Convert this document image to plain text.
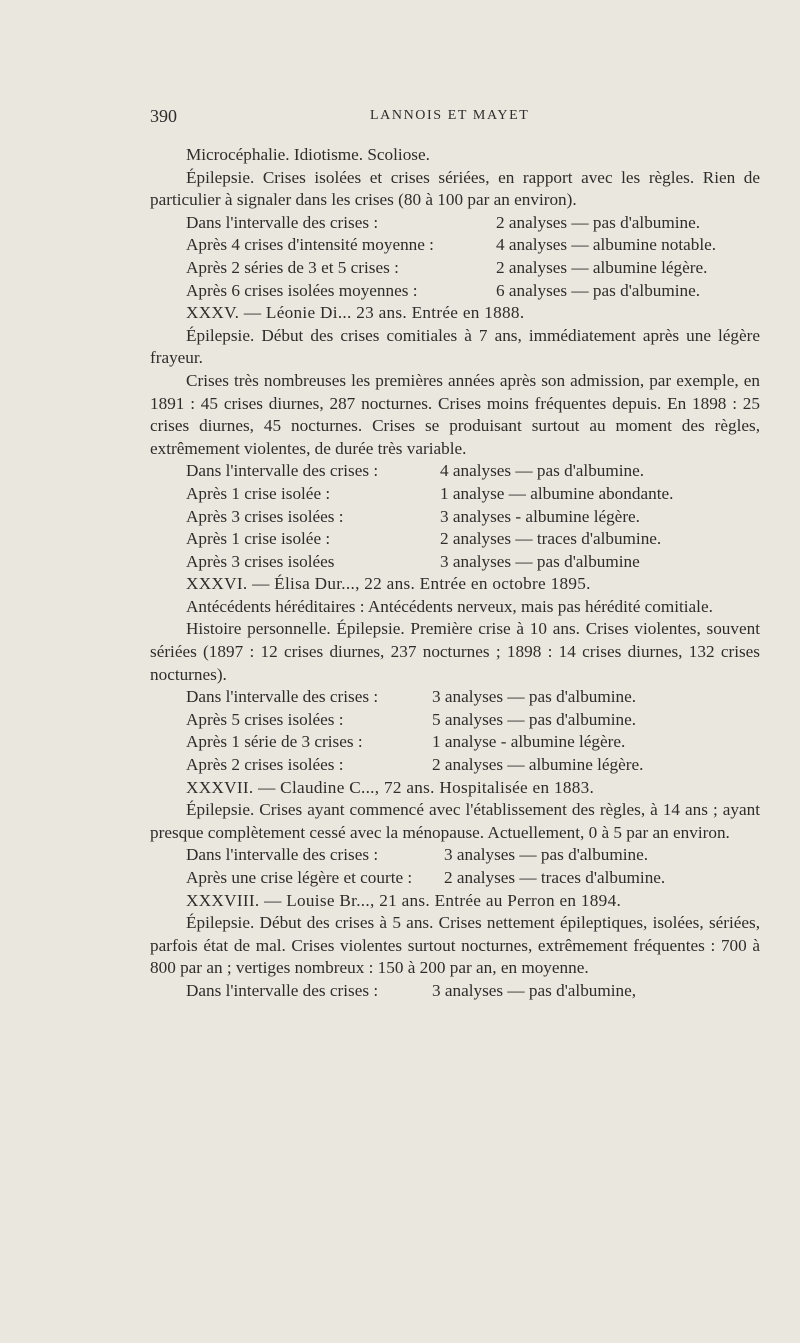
390	LANNOIS ET MAYET

Microcéphalie. Idiotisme. Scoliose.

Épilepsie. Crises isolées et crises sériées, en rapport avec les règles. Rien de particulier à signaler dans les crises (80 à 100 par an environ).

Dans l'intervalle des crises :	2 analyses — pas d'albumine.
Après 4 crises d'intensité moyenne :	4 analyses — albumine notable.
Après 2 séries de 3 et 5 crises :	2 analyses — albumine légère.
Après 6 crises isolées moyennes :	6 analyses — pas d'albumine.

XXXV. — Léonie Di... 23 ans. Entrée en 1888.

Épilepsie. Début des crises comitiales à 7 ans, immédiatement après une légère frayeur.

Crises très nombreuses les premières années après son admission, par exemple, en 1891 : 45 crises diurnes, 287 nocturnes. Crises moins fréquentes depuis. En 1898 : 25 crises diurnes, 45 nocturnes. Crises se produisant surtout au moment des règles, extrêmement violentes, de durée très variable.

Dans l'intervalle des crises :	4 analyses — pas d'albumine.
Après 1 crise isolée :	1 analyse — albumine abondante.
Après 3 crises isolées :	3 analyses - albumine légère.
Après 1 crise isolée :	2 analyses — traces d'albumine.
Après 3 crises isolées	3 analyses — pas d'albumine

XXXVI. — Élisa Dur..., 22 ans. Entrée en octobre 1895.

Antécédents héréditaires : Antécédents nerveux, mais pas hérédité comitiale.

Histoire personnelle. Épilepsie. Première crise à 10 ans. Crises violentes, souvent sériées (1897 : 12 crises diurnes, 237 nocturnes ; 1898 : 14 crises diurnes, 132 crises nocturnes).

Dans l'intervalle des crises :	3 analyses — pas d'albumine.
Après 5 crises isolées :	5 analyses — pas d'albumine.
Après 1 série de 3 crises :	1 analyse - albumine légère.
Après 2 crises isolées :	2 analyses — albumine légère.

XXXVII. — Claudine C..., 72 ans. Hospitalisée en 1883.

Épilepsie. Crises ayant commencé avec l'établissement des règles, à 14 ans ; ayant presque complètement cessé avec la ménopause. Actuellement, 0 à 5 par an environ.

Dans l'intervalle des crises :	3 analyses — pas d'albumine.
Après une crise légère et courte :	2 analyses — traces d'albumine.

XXXVIII. — Louise Br..., 21 ans. Entrée au Perron en 1894.

Épilepsie. Début des crises à 5 ans. Crises nettement épileptiques, isolées, sériées, parfois état de mal. Crises violentes surtout nocturnes, extrêmement fréquentes : 700 à 800 par an ; vertiges nombreux : 150 à 200 par an, en moyenne.

Dans l'intervalle des crises :	3 analyses — pas d'albumine,
